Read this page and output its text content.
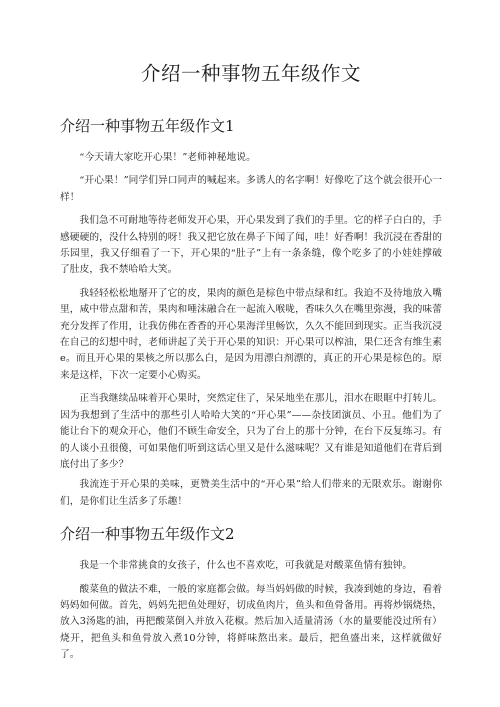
介绍一种事物五年级作文
介绍一种事物五年级作文1

“今天请大家吃开心果！”老师神秘地说。

“开心果！”同学们异口同声的喊起来。多诱人的名字啊！好像吃了这个就会很开心一样！

我们急不可耐地等待老师发开心果，开心果发到了我们的手里。它的样子白白的，手感硬硬的，没什么特别的呀！我又把它放在鼻子下闻了闻，哇！好香啊！我沉浸在香甜的乐园里，我又仔细看了一下，开心果的“肚子”上有一条条缝，像个吃多了的小娃娃撑破了肚皮，我不禁哈哈大笑。

我轻轻松松地掰开了它的皮，果肉的颜色是棕色中带点绿和红。我迫不及待地放入嘴里，咸中带点甜和苦，果肉和唾沫融合在一起流入喉咙，香味久久在嘴里弥漫，我的味蕾充分发挥了作用，让我仿佛在香香的开心果海洋里畅饮，久久不能回到现实。正当我沉浸在自己的幻想中时，老师讲起了关于开心果的知识：开心果可以榨油，果仁还含有维生素e。而且开心果的果核之所以那么白，是因为用漂白剂漂的，真正的开心果是棕色的。原来是这样，下次一定要小心购买。

正当我继续品味着开心果时，突然定住了，呆呆地坐在那儿，泪水在眼眶中打转儿。因为我想到了生活中的那些引人哈哈大笑的“开心果”——杂技团演员、小丑。他们为了能让台下的观众开心，他们不顾生命安全，只为了台上的那十分钟，在台下反复练习。有的人谈小丑很傻，可如果他们听到这话心里又是什么滋味呢？又有谁是知道他们在背后到底付出了多少？

我流连于开心果的美味，更赞美生活中的“开心果”给人们带来的无限欢乐。谢谢你们，是你们让生活多了乐趣！

介绍一种事物五年级作文2

我是一个非常挑食的女孩子，什么也不喜欢吃，可我就是对酸菜鱼情有独钟。

酸菜鱼的做法不难，一般的家庭都会做。每当妈妈做的时候，我凑到她的身边，看着妈妈如何做。首先，妈妈先把鱼处理好，切成鱼肉片，鱼头和鱼骨备用。再将炒锅烧热，放入3汤匙的油，再把酸菜倒入并放入花椒。然后加入适量清汤（水的量要能没过所有）烧开，把鱼头和鱼骨放入煮10分钟，将鲜味熬出来。最后，把鱼盛出来，这样就做好了。
